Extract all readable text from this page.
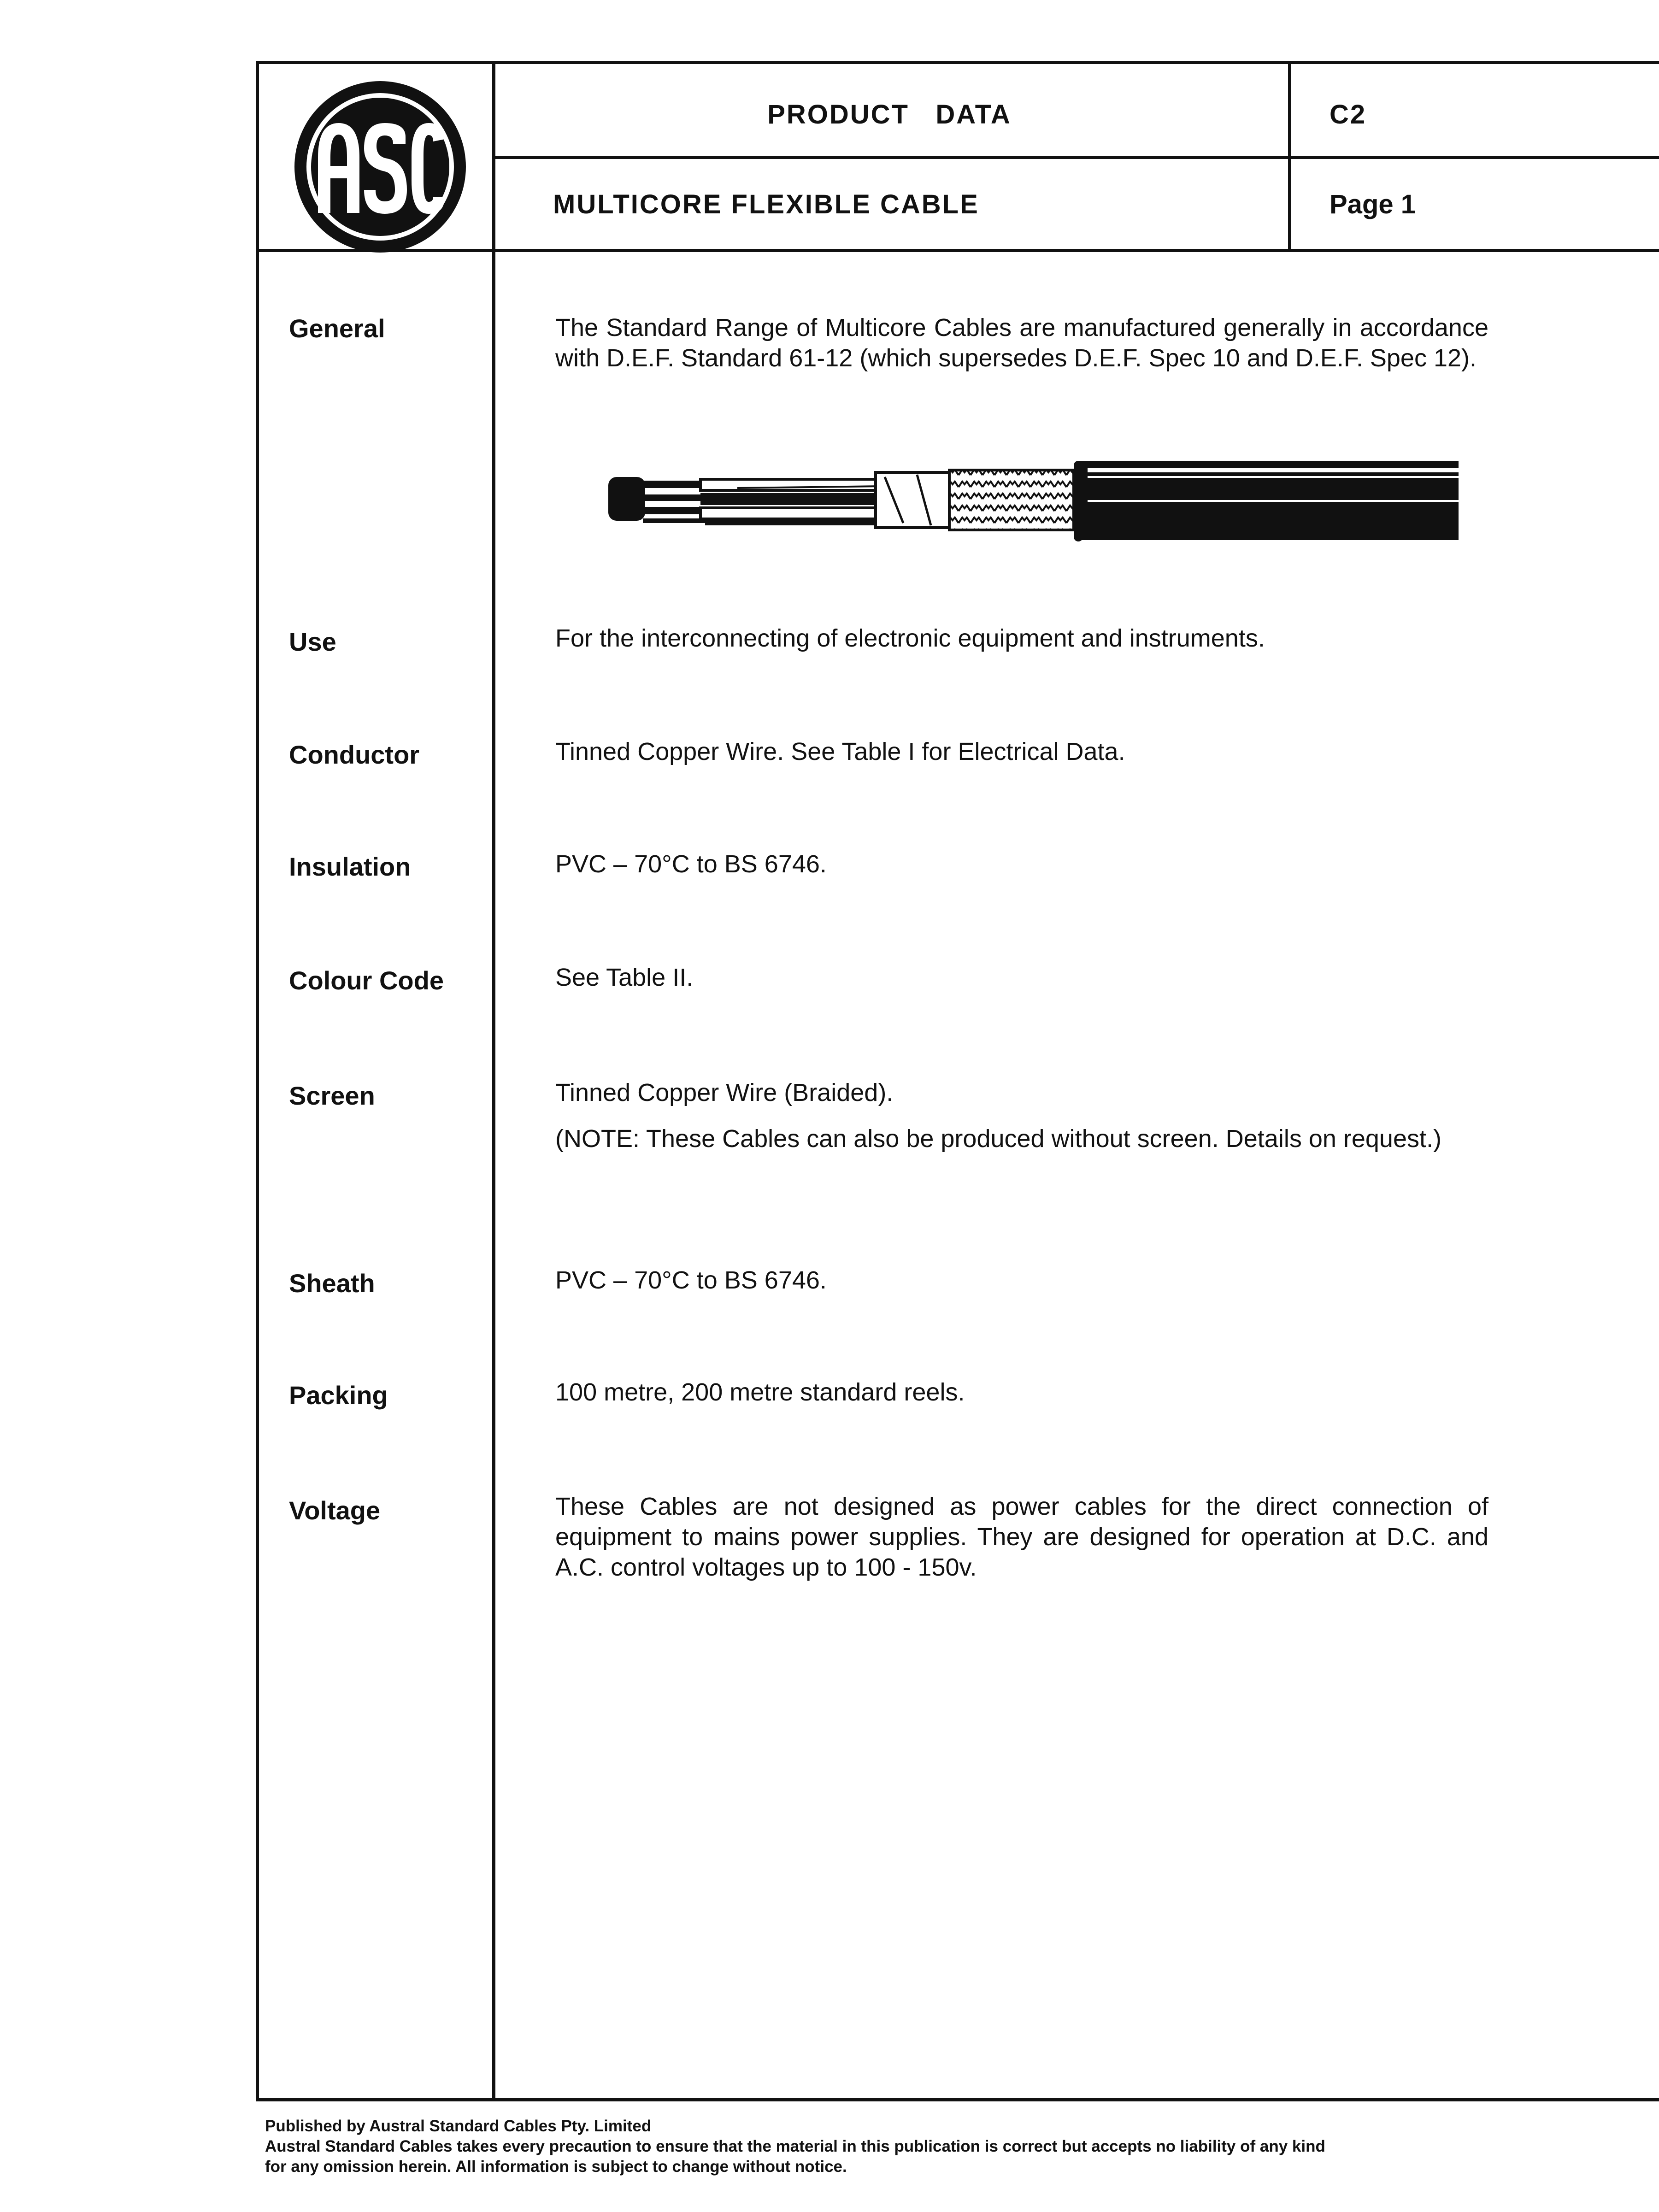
PRODUCT   DATA
MULTICORE FLEXIBLE CABLE
C2
Page 1
General	The Standard Range of Multicore Cables are manufactured generally in accordance with D.E.F. Standard 61-12 (which supersedes D.E.F. Spec 10 and D.E.F. Spec 12).
Use	For the interconnecting of electronic equipment and instruments.
Conductor	Tinned Copper Wire. See Table I for Electrical Data.
Insulation	PVC – 70°C to BS 6746.
Colour Code	See Table II.
Screen	Tinned Copper Wire (Braided).
(NOTE: These Cables can also be produced without screen. Details on request.)
Sheath	PVC – 70°C to BS 6746.
Packing	100 metre, 200 metre standard reels.
Voltage	These Cables are not designed as power cables for the direct connection of equipment to mains power supplies. They are designed for operation at D.C. and A.C. control voltages up to 100 - 150v.
Published by Austral Standard Cables Pty. Limited
Austral Standard Cables takes every precaution to ensure that the material in this publication is correct but accepts no liability of any kind
for any omission herein. All information is subject to change without notice.
